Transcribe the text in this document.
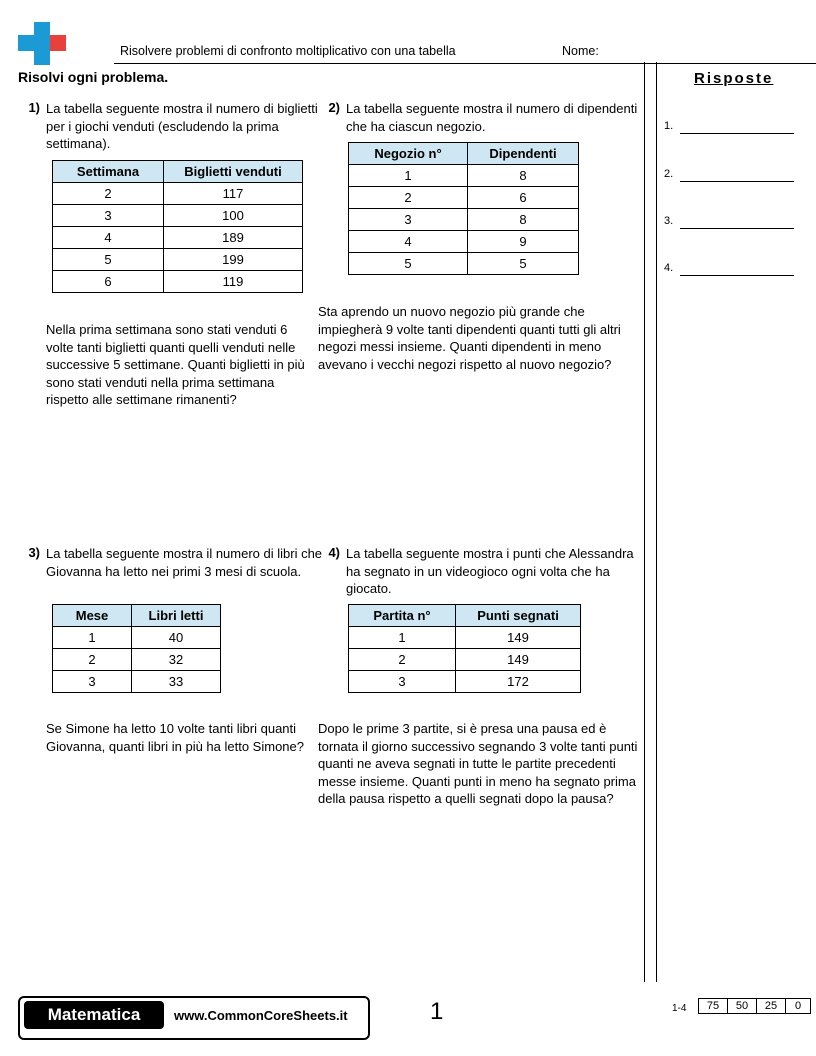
Risolvere problemi di confronto moltiplicativo con una tabella	Nome:
Risolvi ogni problema.	Risposte
1.
2.
3.
4.
1) La tabella seguente mostra il numero di biglietti per i giochi venduti (escludendo la prima settimana).
Settimana	Biglietti venduti
2	117
3	100
4	189
5	199
6	119
Nella prima settimana sono stati venduti 6 volte tanti biglietti quanti quelli venduti nelle successive 5 settimane. Quanti biglietti in più sono stati venduti nella prima settimana rispetto alle settimane rimanenti?
2) La tabella seguente mostra il numero di dipendenti che ha ciascun negozio.
Negozio n°	Dipendenti
1	8
2	6
3	8
4	9
5	5
Sta aprendo un nuovo negozio più grande che impiegherà 9 volte tanti dipendenti quanti tutti gli altri negozi messi insieme. Quanti dipendenti in meno avevano i vecchi negozi rispetto al nuovo negozio?
3) La tabella seguente mostra il numero di libri che Giovanna ha letto nei primi 3 mesi di scuola.
Mese	Libri letti
1	40
2	32
3	33
Se Simone ha letto 10 volte tanti libri quanti Giovanna, quanti libri in più ha letto Simone?
4) La tabella seguente mostra i punti che Alessandra ha segnato in un videogioco ogni volta che ha giocato.
Partita n°	Punti segnati
1	149
2	149
3	172
Dopo le prime 3 partite, si è presa una pausa ed è tornata il giorno successivo segnando 3 volte tanti punti quanti ne aveva segnati in tutte le partite precedenti messe insieme. Quanti punti in meno ha segnato prima della pausa rispetto a quelli segnati dopo la pausa?
Matematica	www.CommonCoreSheets.it	1	1-4 75	50	25	0
